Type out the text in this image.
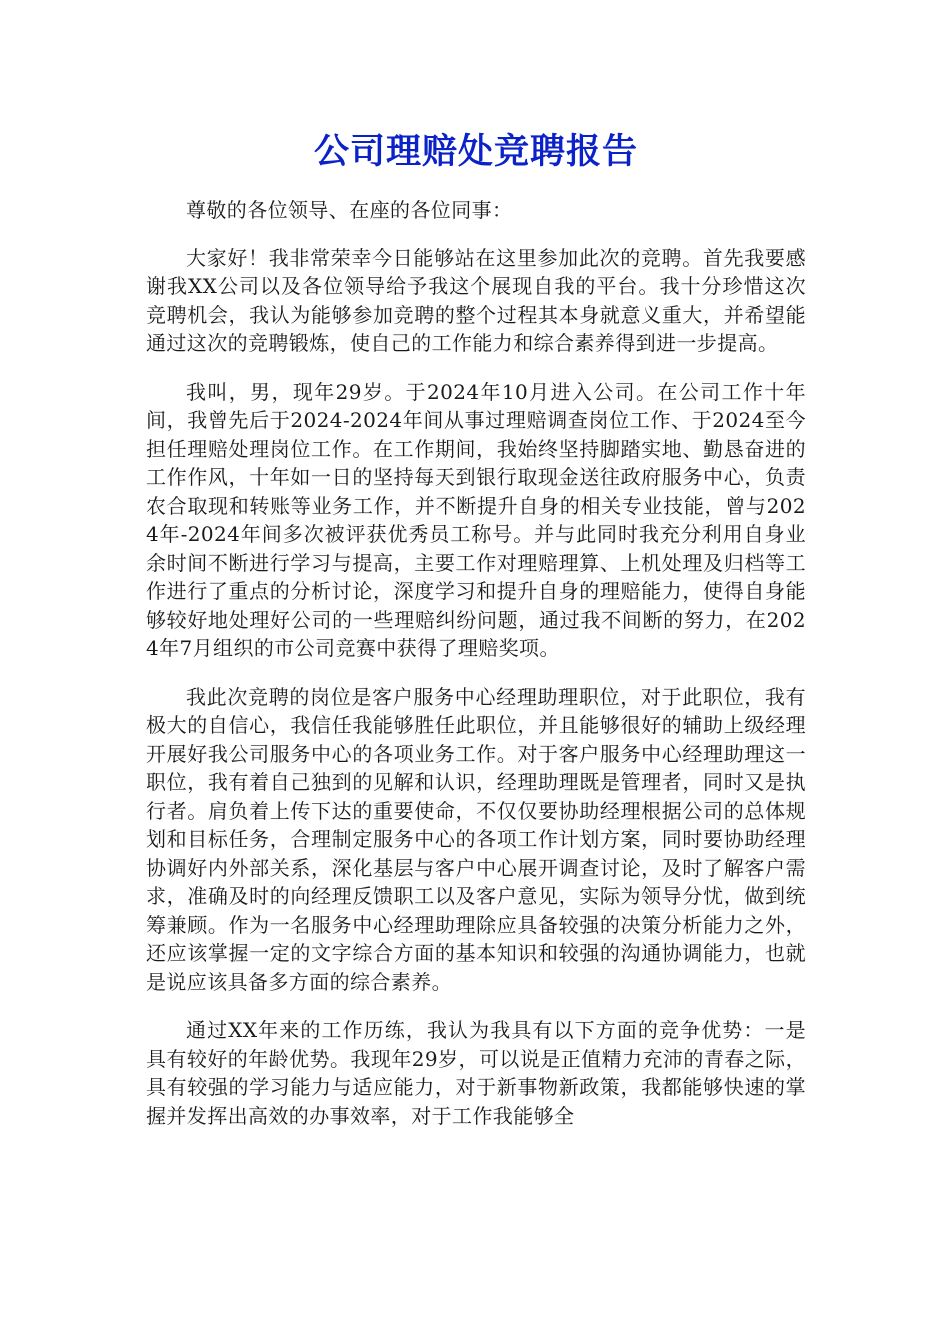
公司理赔处竞聘报告

尊敬的各位领导、在座的各位同事：

大家好！我非常荣幸今日能够站在这里参加此次的竞聘。首先我要感谢我XX公司以及各位领导给予我这个展现自我的平台。我十分珍惜这次竞聘机会，我认为能够参加竞聘的整个过程其本身就意义重大，并希望能通过这次的竞聘锻炼，使自己的工作能力和综合素养得到进一步提高。

我叫，男，现年29岁。于2024年10月进入公司。在公司工作十年间，我曾先后于2024-2024年间从事过理赔调查岗位工作、于2024至今担任理赔处理岗位工作。在工作期间，我始终坚持脚踏实地、勤恳奋进的工作作风，十年如一日的坚持每天到银行取现金送往政府服务中心，负责农合取现和转账等业务工作，并不断提升自身的相关专业技能，曾与2024年-2024年间多次被评获优秀员工称号。并与此同时我充分利用自身业余时间不断进行学习与提高，主要工作对理赔理算、上机处理及归档等工作进行了重点的分析讨论，深度学习和提升自身的理赔能力，使得自身能够较好地处理好公司的一些理赔纠纷问题，通过我不间断的努力，在2024年7月组织的市公司竞赛中获得了理赔奖项。

我此次竞聘的岗位是客户服务中心经理助理职位，对于此职位，我有极大的自信心，我信任我能够胜任此职位，并且能够很好的辅助上级经理开展好我公司服务中心的各项业务工作。对于客户服务中心经理助理这一职位，我有着自己独到的见解和认识，经理助理既是管理者，同时又是执行者。肩负着上传下达的重要使命，不仅仅要协助经理根据公司的总体规划和目标任务，合理制定服务中心的各项工作计划方案，同时要协助经理协调好内外部关系，深化基层与客户中心展开调查讨论，及时了解客户需求，准确及时的向经理反馈职工以及客户意见，实际为领导分忧，做到统筹兼顾。作为一名服务中心经理助理除应具备较强的决策分析能力之外，还应该掌握一定的文字综合方面的基本知识和较强的沟通协调能力，也就是说应该具备多方面的综合素养。

通过XX年来的工作历练，我认为我具有以下方面的竞争优势：一是具有较好的年龄优势。我现年29岁，可以说是正值精力充沛的青春之际，具有较强的学习能力与适应能力，对于新事物新政策，我都能够快速的掌握并发挥出高效的办事效率，对于工作我能够全
